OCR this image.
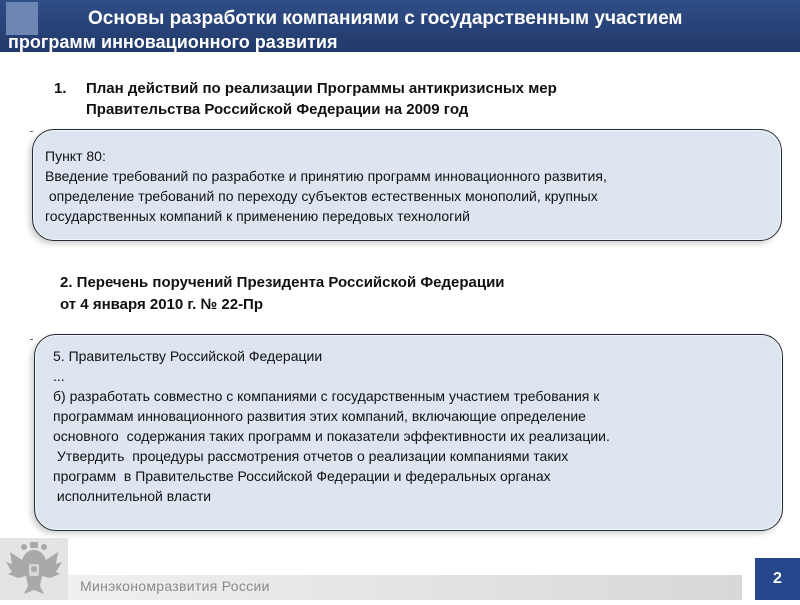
Основы разработки компаниями с государственным участием
программ инновационного развития
1. План действий по реализации Программы антикризисных мер
Правительства Российской Федерации на 2009 год
Пункт 80:
Введение требований по разработке и принятию программ инновационного развития,
определение требований по переходу субъектов естественных монополий, крупных
государственных компаний к применению передовых технологий
2. Перечень поручений Президента Российской Федерации
от 4 января 2010 г. № 22-Пр
5. Правительству Российской Федерации
...
б) разработать совместно с компаниями с государственным участием требования к
программам инновационного развития этих компаний, включающие определение
основного  содержания таких программ и показатели эффективности их реализации.
Утвердить  процедуры рассмотрения отчетов о реализации компаниями таких
программ  в Правительстве Российской Федерации и федеральных органах
исполнительной власти
Минэкономразвития России	2
